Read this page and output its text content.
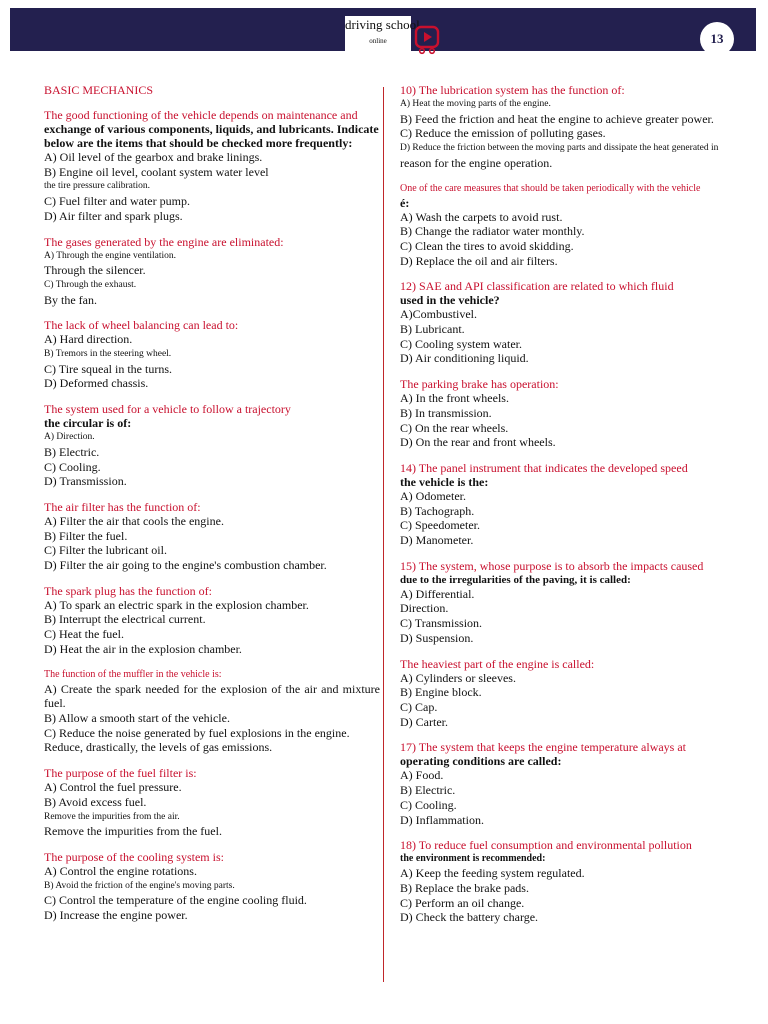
driving school
online	13
BASIC MECHANICS
The good functioning of the vehicle depends on maintenance and
exchange of various components, liquids, and lubricants. Indicate
below are the items that should be checked more frequently:
A) Oil level of the gearbox and brake linings.
B) Engine oil level, coolant system water level
the tire pressure calibration.
C) Fuel filter and water pump.
D) Air filter and spark plugs.
The gases generated by the engine are eliminated:
A) Through the engine ventilation.
Through the silencer.
C) Through the exhaust.
By the fan.
The lack of wheel balancing can lead to:
A) Hard direction.
B) Tremors in the steering wheel.
C) Tire squeal in the turns.
D) Deformed chassis.
The system used for a vehicle to follow a trajectory
the circular is of:
A) Direction.
B) Electric.
C) Cooling.
D) Transmission.
The air filter has the function of:
A) Filter the air that cools the engine.
B) Filter the fuel.
C) Filter the lubricant oil.
D) Filter the air going to the engine's combustion chamber.
The spark plug has the function of:
A) To spark an electric spark in the explosion chamber.
B) Interrupt the electrical current.
C) Heat the fuel.
D) Heat the air in the explosion chamber.
The function of the muffler in the vehicle is:
A) Create the spark needed for the explosion of the air and mixture fuel.
B) Allow a smooth start of the vehicle.
C) Reduce the noise generated by fuel explosions in the engine.
Reduce, drastically, the levels of gas emissions.
The purpose of the fuel filter is:
A) Control the fuel pressure.
B) Avoid excess fuel.
Remove the impurities from the air.
Remove the impurities from the fuel.
The purpose of the cooling system is:
A) Control the engine rotations.
B) Avoid the friction of the engine's moving parts.
C) Control the temperature of the engine cooling fluid.
D) Increase the engine power.
10) The lubrication system has the function of:
A) Heat the moving parts of the engine.
B) Feed the friction and heat the engine to achieve greater power.
C) Reduce the emission of polluting gases.
D) Reduce the friction between the moving parts and dissipate the heat generated in
reason for the engine operation.
One of the care measures that should be taken periodically with the vehicle
é:
A) Wash the carpets to avoid rust.
B) Change the radiator water monthly.
C) Clean the tires to avoid skidding.
D) Replace the oil and air filters.
12) SAE and API classification are related to which fluid
used in the vehicle?
A)Combustivel.
B) Lubricant.
C) Cooling system water.
D) Air conditioning liquid.
The parking brake has operation:
A) In the front wheels.
B) In transmission.
C) On the rear wheels.
D) On the rear and front wheels.
14) The panel instrument that indicates the developed speed
the vehicle is the:
A) Odometer.
B) Tachograph.
C) Speedometer.
D) Manometer.
15) The system, whose purpose is to absorb the impacts caused
due to the irregularities of the paving, it is called:
A) Differential.
Direction.
C) Transmission.
D) Suspension.
The heaviest part of the engine is called:
A) Cylinders or sleeves.
B) Engine block.
C) Cap.
D) Carter.
17) The system that keeps the engine temperature always at
operating conditions are called:
A) Food.
B) Electric.
C) Cooling.
D) Inflammation.
18) To reduce fuel consumption and environmental pollution
the environment is recommended:
A) Keep the feeding system regulated.
B) Replace the brake pads.
C) Perform an oil change.
D) Check the battery charge.
